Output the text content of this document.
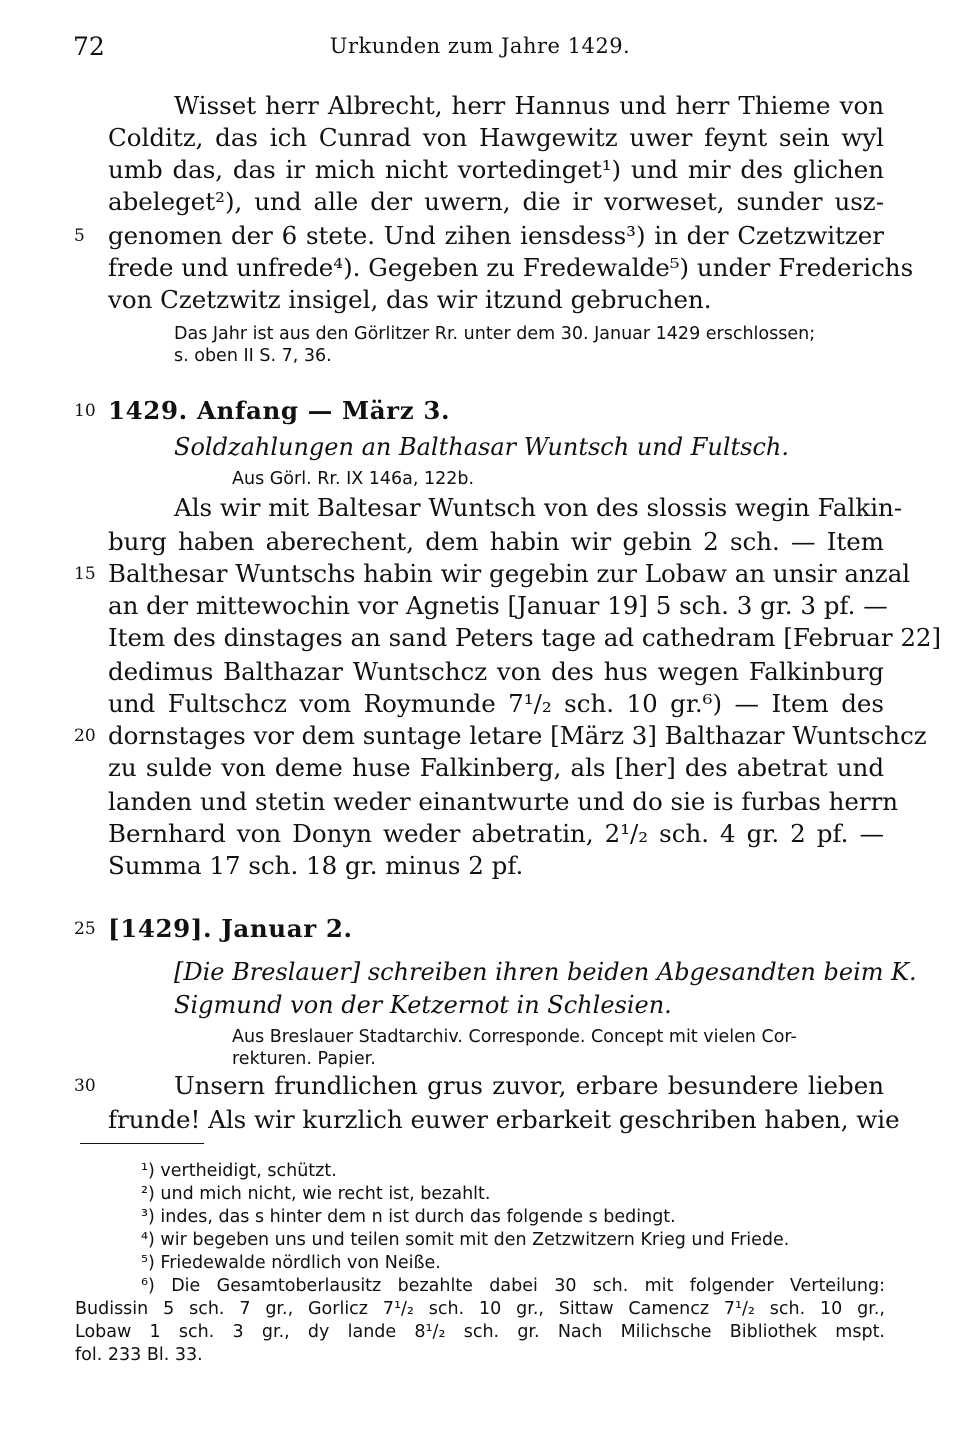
72	Urkunden zum Jahre 1429.
Wisset herr Albrecht, herr Hannus und herr Thieme von
Colditz, das ich Cunrad von Hawgewitz uwer feynt sein wyl
umb das, das ir mich nicht vortedinget¹) und mir des glichen
abeleget²), und alle der uwern, die ir vorweset, sunder usz-
genomen der 6 stete. Und zihen iensdess³) in der Czetzwitzer
frede und unfrede⁴). Gegeben zu Fredewalde⁵) under Frederichs
von Czetzwitz insigel, das wir itzund gebruchen.
Das Jahr ist aus den Görlitzer Rr. unter dem 30. Januar 1429 erschlossen;
s. oben II S. 7, 36.
1429. Anfang — März 3.
Soldzahlungen an Balthasar Wuntsch und Fultsch.
Aus Görl. Rr. IX 146a, 122b.
Als wir mit Baltesar Wuntsch von des slossis wegin Falkin-
burg haben aberechent, dem habin wir gebin 2 sch. — Item
Balthesar Wuntschs habin wir gegebin zur Lobaw an unsir anzal
an der mittewochin vor Agnetis [Januar 19] 5 sch. 3 gr. 3 pf. —
Item des dinstages an sand Peters tage ad cathedram [Februar 22]
dedimus Balthazar Wuntschcz von des hus wegen Falkinburg
und Fultschcz vom Roymunde 7¹/₂ sch. 10 gr.⁶) — Item des
dornstages vor dem suntage letare [März 3] Balthazar Wuntschcz
zu sulde von deme huse Falkinberg, als [her] des abetrat und
landen und stetin weder einantwurte und do sie is furbas herrn
Bernhard von Donyn weder abetratin, 2¹/₂ sch. 4 gr. 2 pf. —
Summa 17 sch. 18 gr. minus 2 pf.
[1429]. Januar 2.
[Die Breslauer] schreiben ihren beiden Abgesandten beim K.
Sigmund von der Ketzernot in Schlesien.
Aus Breslauer Stadtarchiv. Corresponde. Concept mit vielen Cor-
rekturen. Papier.
Unsern frundlichen grus zuvor, erbare besundere lieben
frunde! Als wir kurzlich euwer erbarkeit geschriben haben, wie
5
10
15
20
25
30
¹) vertheidigt, schützt.
²) und mich nicht, wie recht ist, bezahlt.
³) indes, das s hinter dem n ist durch das folgende s bedingt.
⁴) wir begeben uns und teilen somit mit den Zetzwitzern Krieg und Friede.
⁵) Friedewalde nördlich von Neiße.
⁶) Die Gesamtoberlausitz bezahlte dabei 30 sch. mit folgender Verteilung:
Budissin 5 sch. 7 gr., Gorlicz 7¹/₂ sch. 10 gr., Sittaw Camencz 7¹/₂ sch. 10 gr.,
Lobaw 1 sch. 3 gr., dy lande 8¹/₂ sch. gr. Nach Milichsche Bibliothek mspt.
fol. 233 Bl. 33.
